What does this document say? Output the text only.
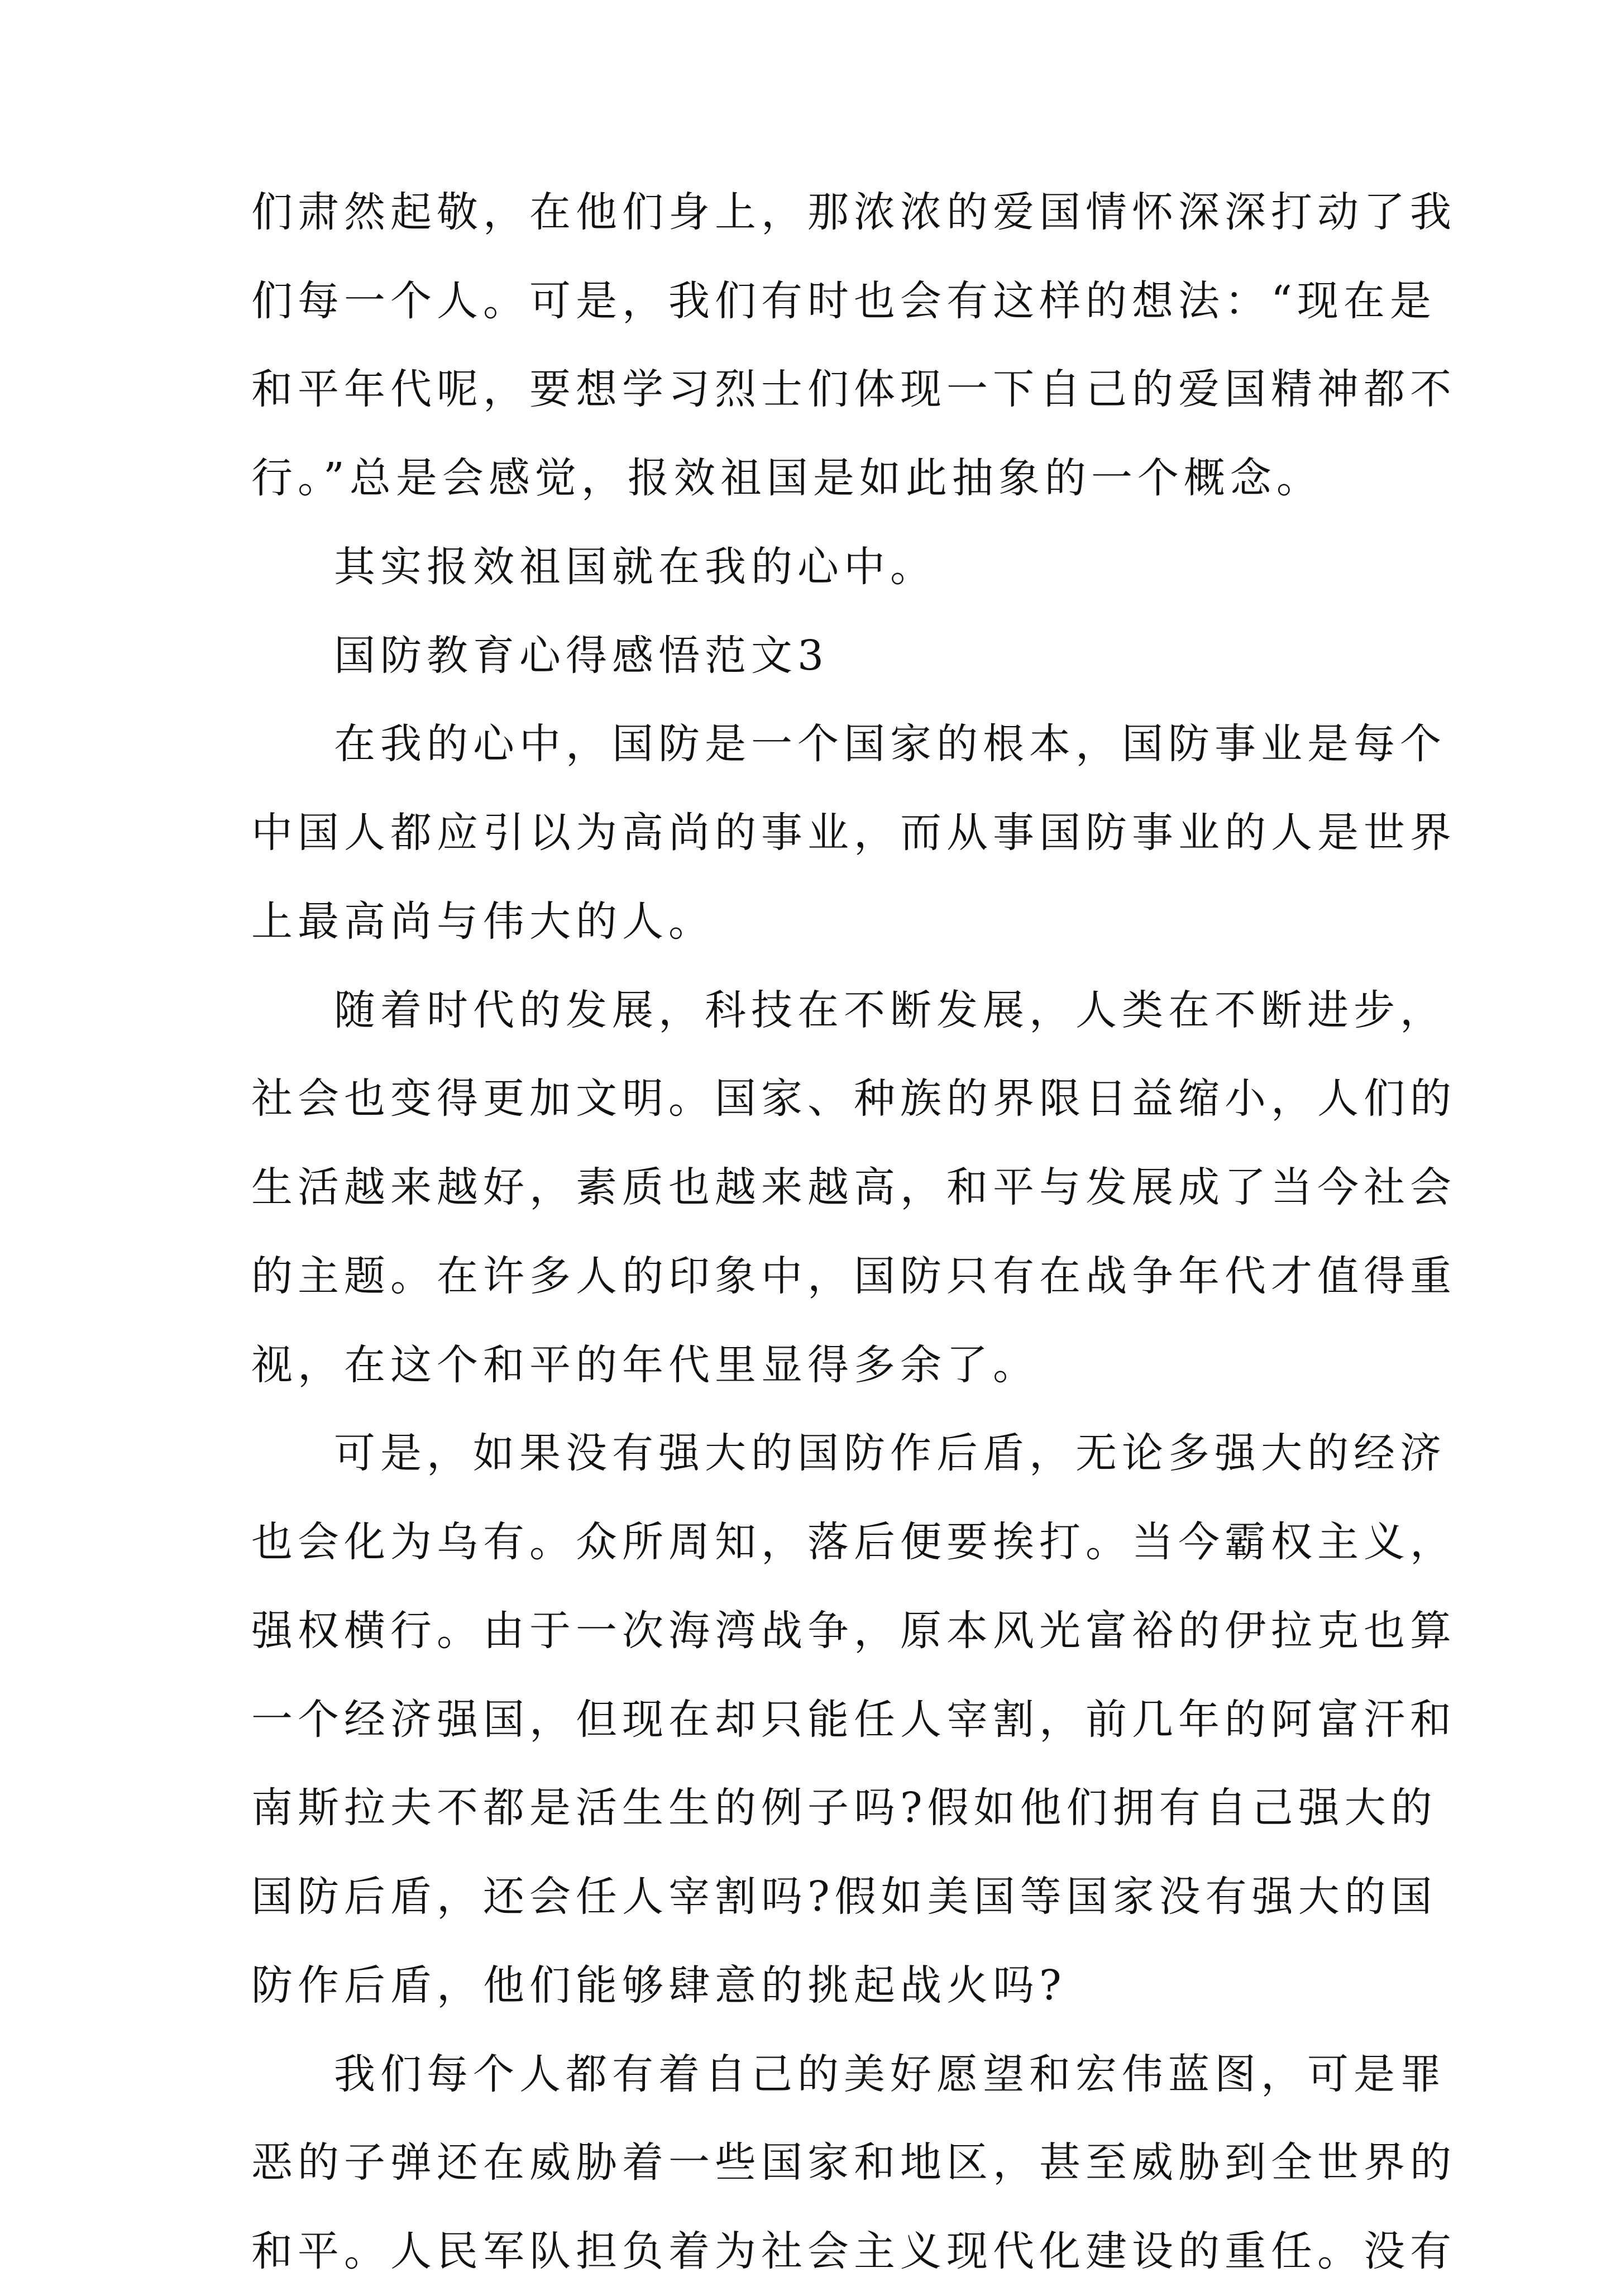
们肃然起敬，在他们身上，那浓浓的爱国情怀深深打动了我
们每一个人。可是，我们有时也会有这样的想法：“现在是
和平年代呢，要想学习烈士们体现一下自己的爱国精神都不
行。”总是会感觉，报效祖国是如此抽象的一个概念。
其实报效祖国就在我的心中。
国防教育心得感悟范文3
在我的心中，国防是一个国家的根本，国防事业是每个
中国人都应引以为高尚的事业，而从事国防事业的人是世界
上最高尚与伟大的人。
随着时代的发展，科技在不断发展，人类在不断进步，
社会也变得更加文明。国家、种族的界限日益缩小，人们的
生活越来越好，素质也越来越高，和平与发展成了当今社会
的主题。在许多人的印象中，国防只有在战争年代才值得重
视，在这个和平的年代里显得多余了。
可是，如果没有强大的国防作后盾，无论多强大的经济
也会化为乌有。众所周知，落后便要挨打。当今霸权主义，
强权横行。由于一次海湾战争，原本风光富裕的伊拉克也算
一个经济强国，但现在却只能任人宰割，前几年的阿富汗和
南斯拉夫不都是活生生的例子吗?假如他们拥有自己强大的
国防后盾，还会任人宰割吗?假如美国等国家没有强大的国
防作后盾，他们能够肆意的挑起战火吗?
我们每个人都有着自己的美好愿望和宏伟蓝图，可是罪
恶的子弹还在威胁着一些国家和地区，甚至威胁到全世界的
和平。人民军队担负着为社会主义现代化建设的重任。没有
